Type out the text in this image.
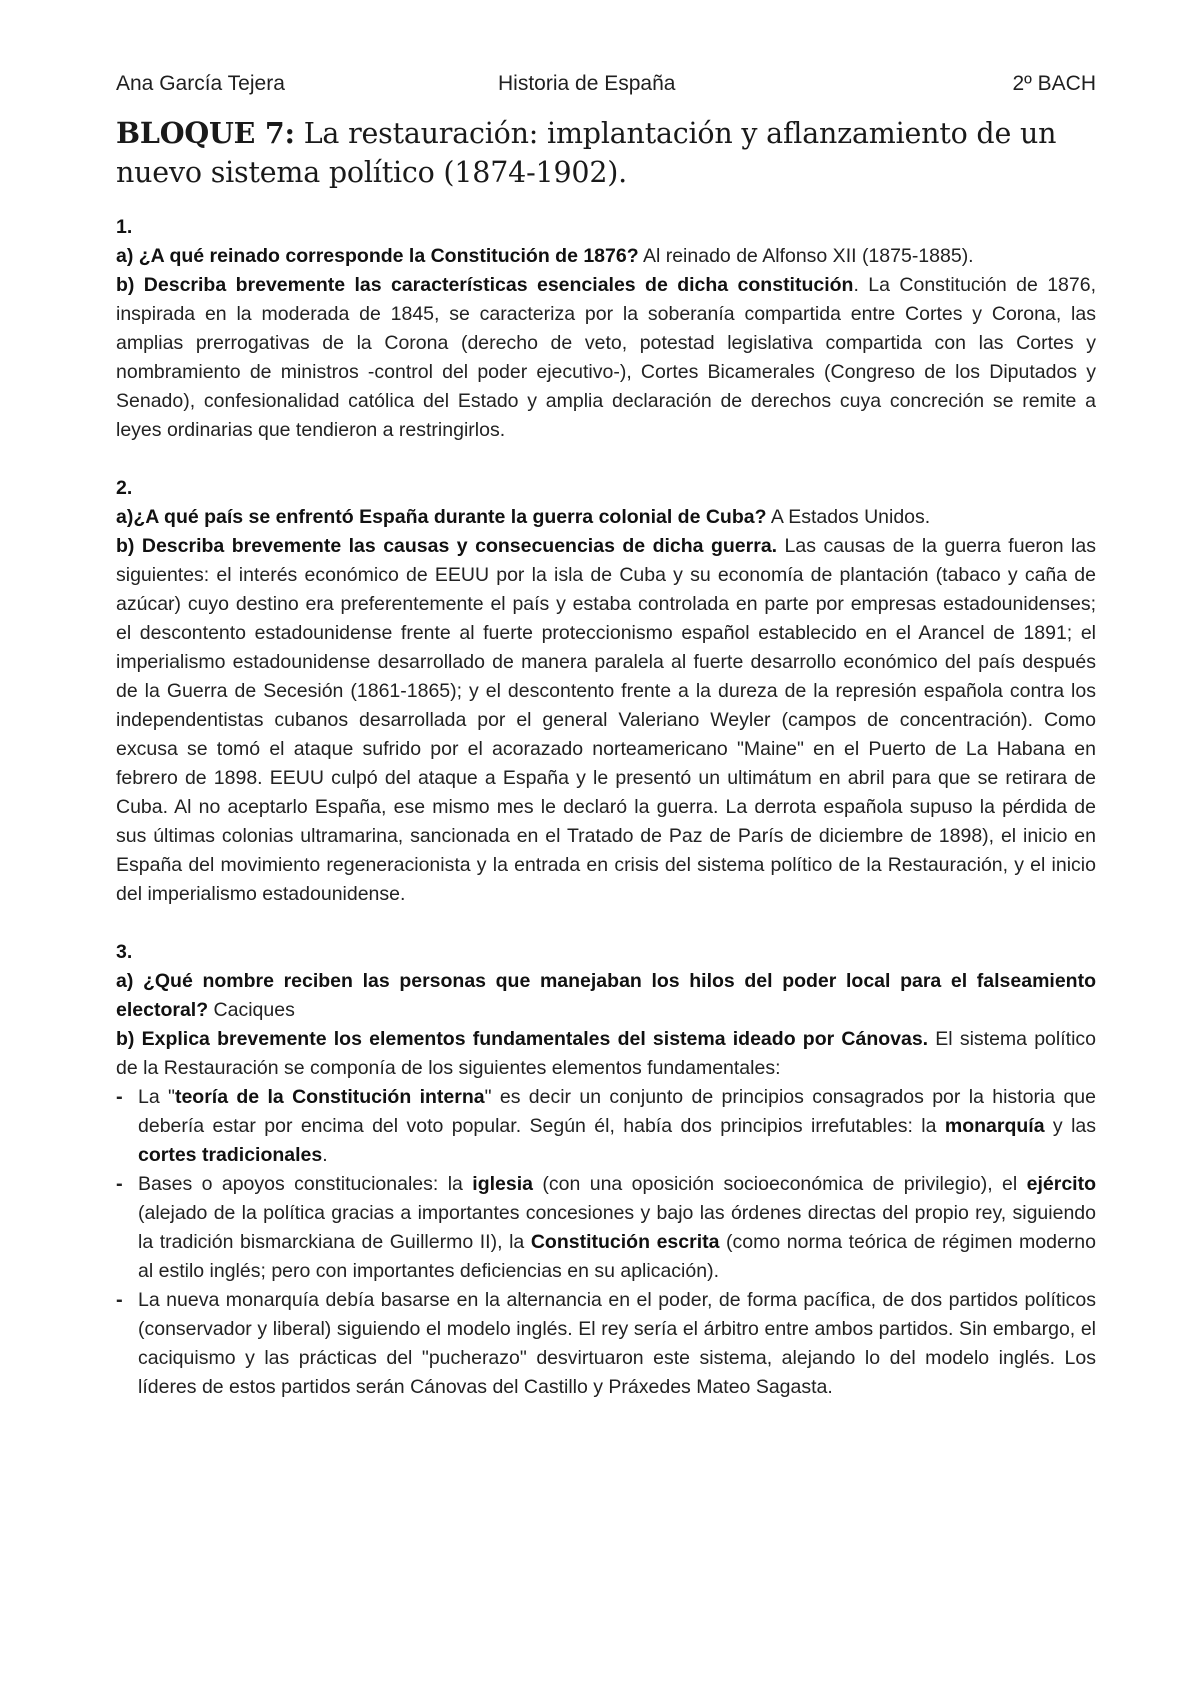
Ana García Tejera	Historia de España	2º BACH
BLOQUE 7: La restauración: implantación y aflanzamiento de un nuevo sistema político (1874-1902).

1.

a) ¿A qué reinado corresponde la Constitución de 1876? Al reinado de Alfonso XII (1875-1885).

b) Describa brevemente las características esenciales de dicha constitución. La Constitución de 1876, inspirada en la moderada de 1845, se caracteriza por la soberanía compartida entre Cortes y Corona, las amplias prerrogativas de la Corona (derecho de veto, potestad legislativa compartida con las Cortes y nombramiento de ministros -control del poder ejecutivo-), Cortes Bicamerales (Congreso de los Diputados y Senado), confesionalidad católica del Estado y amplia declaración de derechos cuya concreción se remite a leyes ordinarias que tendieron a restringirlos.

2.

a)¿A qué país se enfrentó España durante la guerra colonial de Cuba? A Estados Unidos.

b) Describa brevemente las causas y consecuencias de dicha guerra. Las causas de la guerra fueron las siguientes: el interés económico de EEUU por la isla de Cuba y su economía de plantación (tabaco y caña de azúcar) cuyo destino era preferentemente el país y estaba controlada en parte por empresas estadounidenses; el descontento estadounidense frente al fuerte proteccionismo español establecido en el Arancel de 1891; el imperialismo estadounidense desarrollado de manera paralela al fuerte desarrollo económico del país después de la Guerra de Secesión (1861-1865); y el descontento frente a la dureza de la represión española contra los independentistas cubanos desarrollada por el general Valeriano Weyler (campos de concentración). Como excusa se tomó el ataque sufrido por el acorazado norteamericano "Maine" en el Puerto de La Habana en febrero de 1898. EEUU culpó del ataque a España y le presentó un ultimátum en abril para que se retirara de Cuba. Al no aceptarlo España, ese mismo mes le declaró la guerra. La derrota española supuso la pérdida de sus últimas colonias ultramarina, sancionada en el Tratado de Paz de París de diciembre de 1898), el inicio en España del movimiento regeneracionista y la entrada en crisis del sistema político de la Restauración, y el inicio del imperialismo estadounidense.

3.

a) ¿Qué nombre reciben las personas que manejaban los hilos del poder local para el falseamiento electoral? Caciques

b) Explica brevemente los elementos fundamentales del sistema ideado por Cánovas. El sistema político de la Restauración se componía de los siguientes elementos fundamentales:

- La "teoría de la Constitución interna" es decir un conjunto de principios consagrados por la historia que debería estar por encima del voto popular. Según él, había dos principios irrefutables: la monarquía y las cortes tradicionales.
- Bases o apoyos constitucionales: la iglesia (con una oposición socioeconómica de privilegio), el ejército (alejado de la política gracias a importantes concesiones y bajo las órdenes directas del propio rey, siguiendo la tradición bismarckiana de Guillermo II), la Constitución escrita (como norma teórica de régimen moderno al estilo inglés; pero con importantes deficiencias en su aplicación).
- La nueva monarquía debía basarse en la alternancia en el poder, de forma pacífica, de dos partidos políticos (conservador y liberal) siguiendo el modelo inglés. El rey sería el árbitro entre ambos partidos. Sin embargo, el caciquismo y las prácticas del "pucherazo" desvirtuaron este sistema, alejando lo del modelo inglés. Los líderes de estos partidos serán Cánovas del Castillo y Práxedes Mateo Sagasta.
